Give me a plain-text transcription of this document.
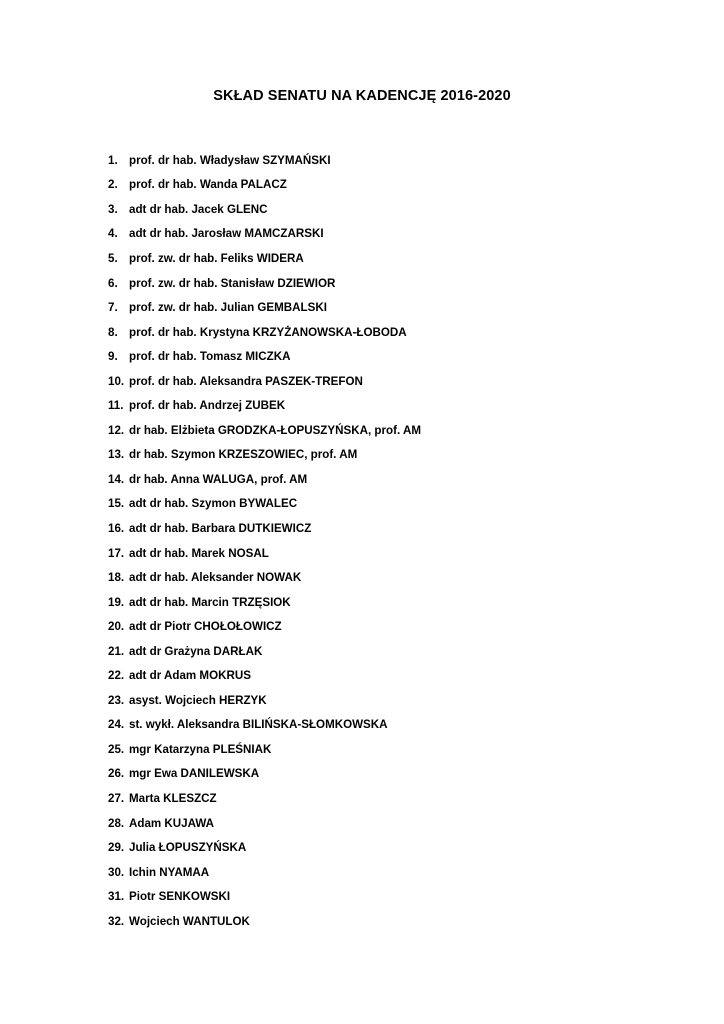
SKŁAD SENATU NA KADENCJĘ 2016-2020
1. prof. dr hab. Władysław SZYMAŃSKI
2. prof. dr hab. Wanda PALACZ
3. adt dr hab. Jacek GLENC
4. adt dr hab. Jarosław MAMCZARSKI
5. prof. zw. dr hab. Feliks WIDERA
6. prof. zw. dr hab. Stanisław DZIEWIOR
7. prof. zw. dr hab. Julian GEMBALSKI
8. prof. dr hab. Krystyna KRZYŻANOWSKA-ŁOBODA
9. prof. dr hab. Tomasz MICZKA
10. prof. dr hab. Aleksandra PASZEK-TREFON
11. prof. dr hab. Andrzej ZUBEK
12. dr hab. Elżbieta GRODZKA-ŁOPUSZYŃSKA, prof. AM
13. dr hab. Szymon KRZESZOWIEC, prof. AM
14. dr hab. Anna WALUGA, prof. AM
15. adt dr hab. Szymon BYWALEC
16. adt dr hab. Barbara DUTKIEWICZ
17. adt dr hab. Marek NOSAL
18. adt dr hab. Aleksander NOWAK
19. adt dr hab. Marcin TRZĘSIOK
20. adt dr Piotr CHOŁOŁOWICZ
21. adt dr Grażyna DARŁAK
22. adt dr Adam MOKRUS
23. asyst. Wojciech HERZYK
24. st. wykł. Aleksandra BILIŃSKA-SŁOMKOWSKA
25. mgr Katarzyna PLEŚNIAK
26. mgr Ewa DANILEWSKA
27. Marta KLESZCZ
28. Adam KUJAWA
29. Julia ŁOPUSZYŃSKA
30. Ichin NYAMAA
31. Piotr SENKOWSKI
32. Wojciech WANTULOK
